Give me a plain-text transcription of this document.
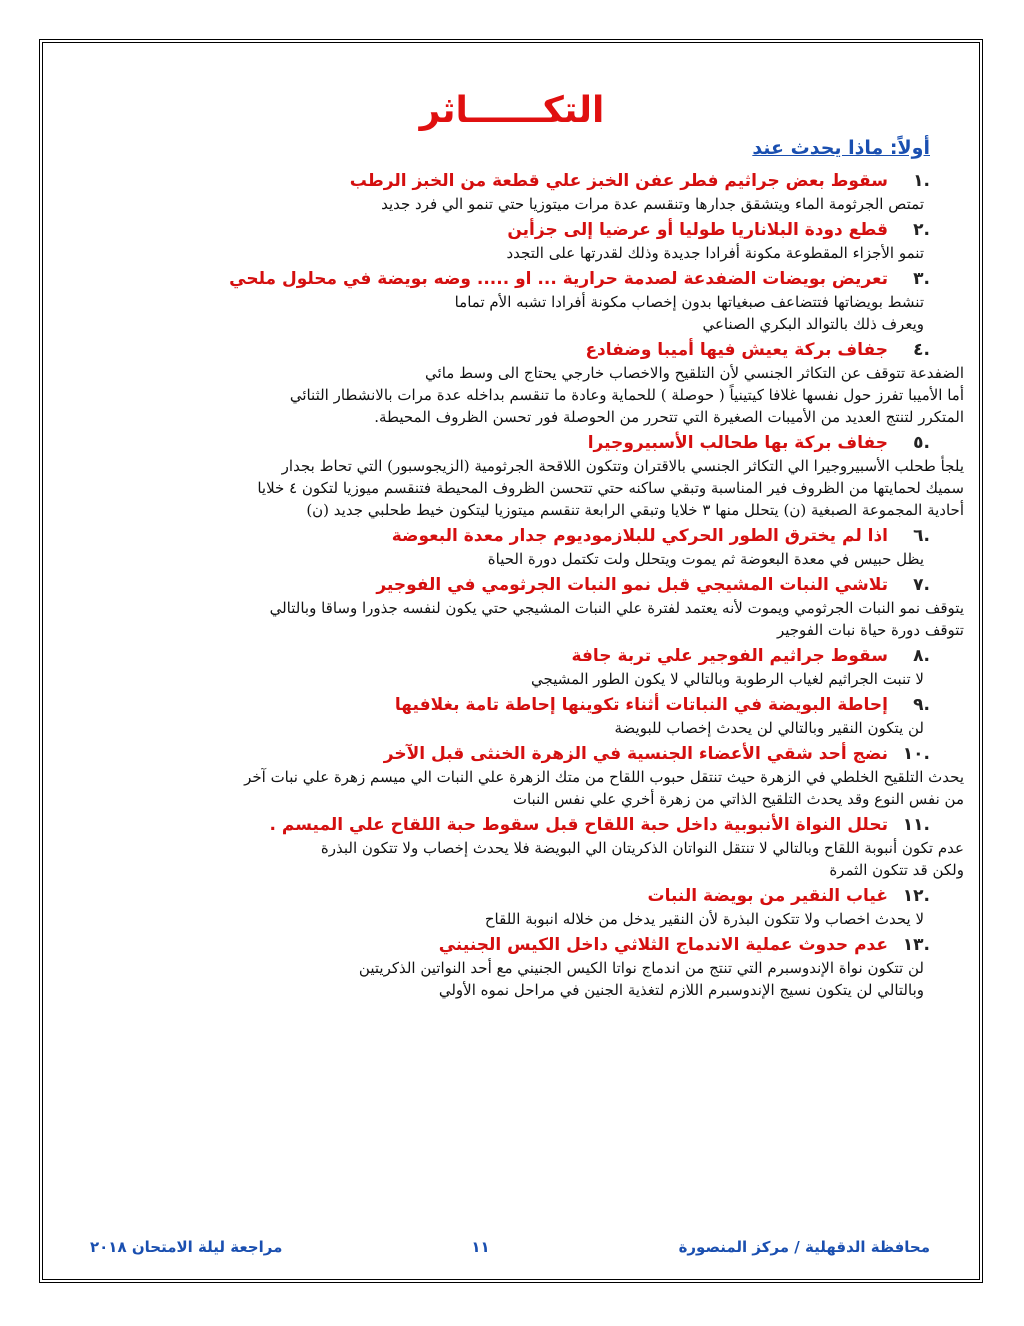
التكــــــاثر
أولاً: ماذا يحدث عند
.١
سقوط بعض جراثيم فطر عفن الخبز علي قطعة من الخبز الرطب
تمتص الجرثومة الماء ويتشقق جدارها وتنقسم عدة مرات ميتوزيا حتي تنمو الي فرد جديد
.٢
قطع دودة البلاناريا طوليا أو عرضيا إلى جزأين
تنمو الأجزاء المقطوعة مكونة أفرادا جديدة وذلك لقدرتها على التجدد
.٣
تعريض بويضات الضفدعة لصدمة حرارية ... او ..... وضه بويضة في محلول ملحي
تنشط بويضاتها فتتضاعف صبغياتها بدون إخصاب مكونة أفرادا تشبه الأم تماما
ويعرف ذلك بالتوالد البكري الصناعي
.٤
جفاف بركة يعيش فيها أميبا وضفادع
الضفدعة تتوقف عن التكاثر الجنسي لأن التلقيح والاخصاب خارجي يحتاج الى وسط مائي
أما الأميبا تفرز حول نفسها غلافا كيتينياً ( حوصلة ) للحماية وعادة ما تنقسم بداخله عدة مرات بالانشطار الثنائي
المتكرر لتنتج العديد من الأميبات الصغيرة التي تتحرر من الحوصلة فور تحسن الظروف المحيطة.
.٥
جفاف بركة بها طحالب الأسبيروجيرا
يلجأ طحلب الأسبيروجيرا الي التكاثر الجنسي بالاقتران وتتكون اللاقحة الجرثومية (الزيجوسبور) التي تحاط بجدار
سميك لحمايتها من الظروف فير المناسبة وتبقي ساكنه حتي تتحسن الظروف المحيطة فتنقسم ميوزيا لتكون ٤ خلايا
أحادية المجموعة الصبغية (ن) يتحلل منها ٣ خلايا وتبقي الرابعة تنقسم ميتوزيا ليتكون خيط طحلبي جديد (ن)
.٦
اذا لم يخترق الطور الحركي للبلازموديوم جدار معدة البعوضة
يظل حبيس في معدة البعوضة ثم يموت ويتحلل ولت تكتمل دورة الحياة
.٧
تلاشي النبات المشيجي قبل نمو النبات الجرثومي في الفوجير
يتوقف نمو النبات الجرثومي ويموت لأنه يعتمد لفترة علي النبات المشيجي حتي يكون لنفسه جذورا وساقا وبالتالي
تتوقف دورة حياة نبات الفوجير
.٨
سقوط جراثيم الفوجير علي تربة جافة
لا تنبت الجراثيم لغياب الرطوبة وبالتالي لا يكون الطور المشيجي
.٩
إحاطة البويضة في النباتات أثناء تكوينها إحاطة تامة بغلافيها
لن يتكون النقير وبالتالي لن يحدث إخصاب للبويضة
.١٠
نضج أحد شقي الأعضاء الجنسية في الزهرة الخنثى قبل الآخر
يحدث التلقيح الخلطي في الزهرة حيث تنتقل حبوب اللقاح من متك الزهرة علي النبات الي ميسم زهرة علي نبات آخر
من نفس النوع وقد يحدث التلقيح الذاتي من زهرة أخري علي نفس النبات
.١١
تحلل النواة الأنبوبية داخل حبة اللقاح قبل سقوط حبة اللقاح علي الميسم .
عدم تكون أنبوبة اللقاح وبالتالي لا تنتقل النواتان الذكريتان الي البويضة فلا يحدث إخصاب ولا تتكون البذرة
ولكن قد تتكون الثمرة
.١٢
غياب النقير من بويضة النبات
لا يحدث اخصاب ولا تتكون البذرة لأن النقير يدخل من خلاله انبوبة اللقاح
.١٣
عدم حدوث عملية الاندماج الثلاثي داخل الكيس الجنيني
لن تتكون نواة الإندوسبرم التي تنتج من اندماج نواتا الكيس الجنيني مع أحد النواتين الذكريتين
وبالتالي لن يتكون نسيج الإندوسبرم اللازم لتغذية الجنين في مراحل نموه الأولي
محافظة الدقهلية / مركز المنصورة
١١
مراجعة ليلة الامتحان ٢٠١٨
